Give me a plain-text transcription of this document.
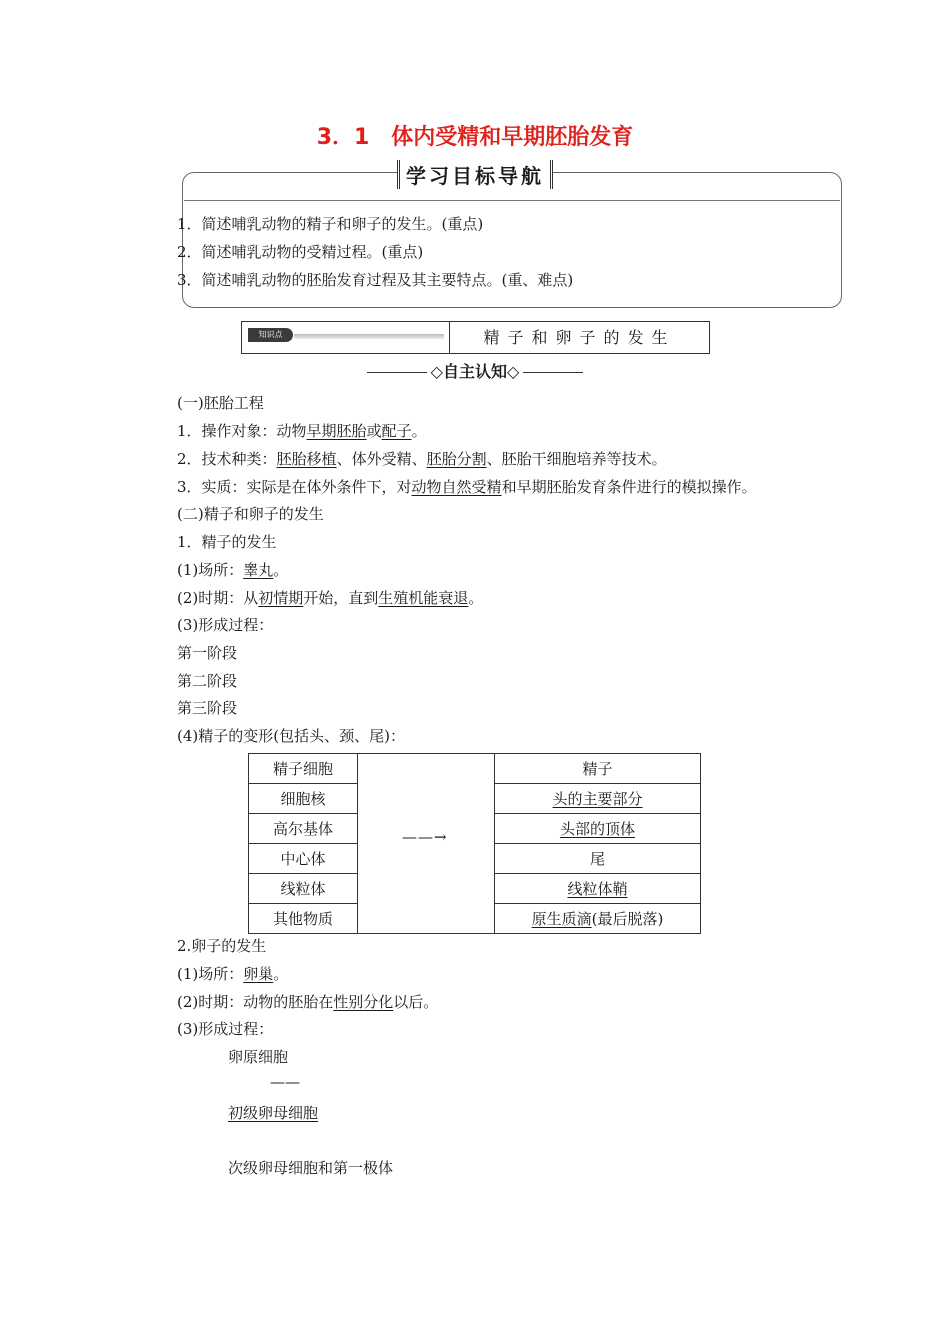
3．1　体内受精和早期胚胎发育
学习目标导航
1．简述哺乳动物的精子和卵子的发生。(重点)
2．简述哺乳动物的受精过程。(重点)
3．简述哺乳动物的胚胎发育过程及其主要特点。(重、难点)
知识点	精子和卵子的发生
◇自主认知◇
(一)胚胎工程
1．操作对象：动物早期胚胎或配子。
2．技术种类：胚胎移植、体外受精、胚胎分割、胚胎干细胞培养等技术。
3．实质：实际是在体外条件下，对动物自然受精和早期胚胎发育条件进行的模拟操作。
(二)精子和卵子的发生
1．精子的发生
(1)场所：睾丸。
(2)时期：从初情期开始，直到生殖机能衰退。
(3)形成过程：
第一阶段
第二阶段
第三阶段
(4)精子的变形(包括头、颈、尾)：
精子细胞		精子
细胞核		头的主要部分
高尔基体		头部的顶体
中心体		尾
线粒体		线粒体鞘
其他物质		原生质滴(最后脱落)
——→
2.卵子的发生
(1)场所：卵巢。
(2)时期：动物的胚胎在性别分化以后。
(3)形成过程：
卵原细胞
——
初级卵母细胞
次级卵母细胞和第一极体
